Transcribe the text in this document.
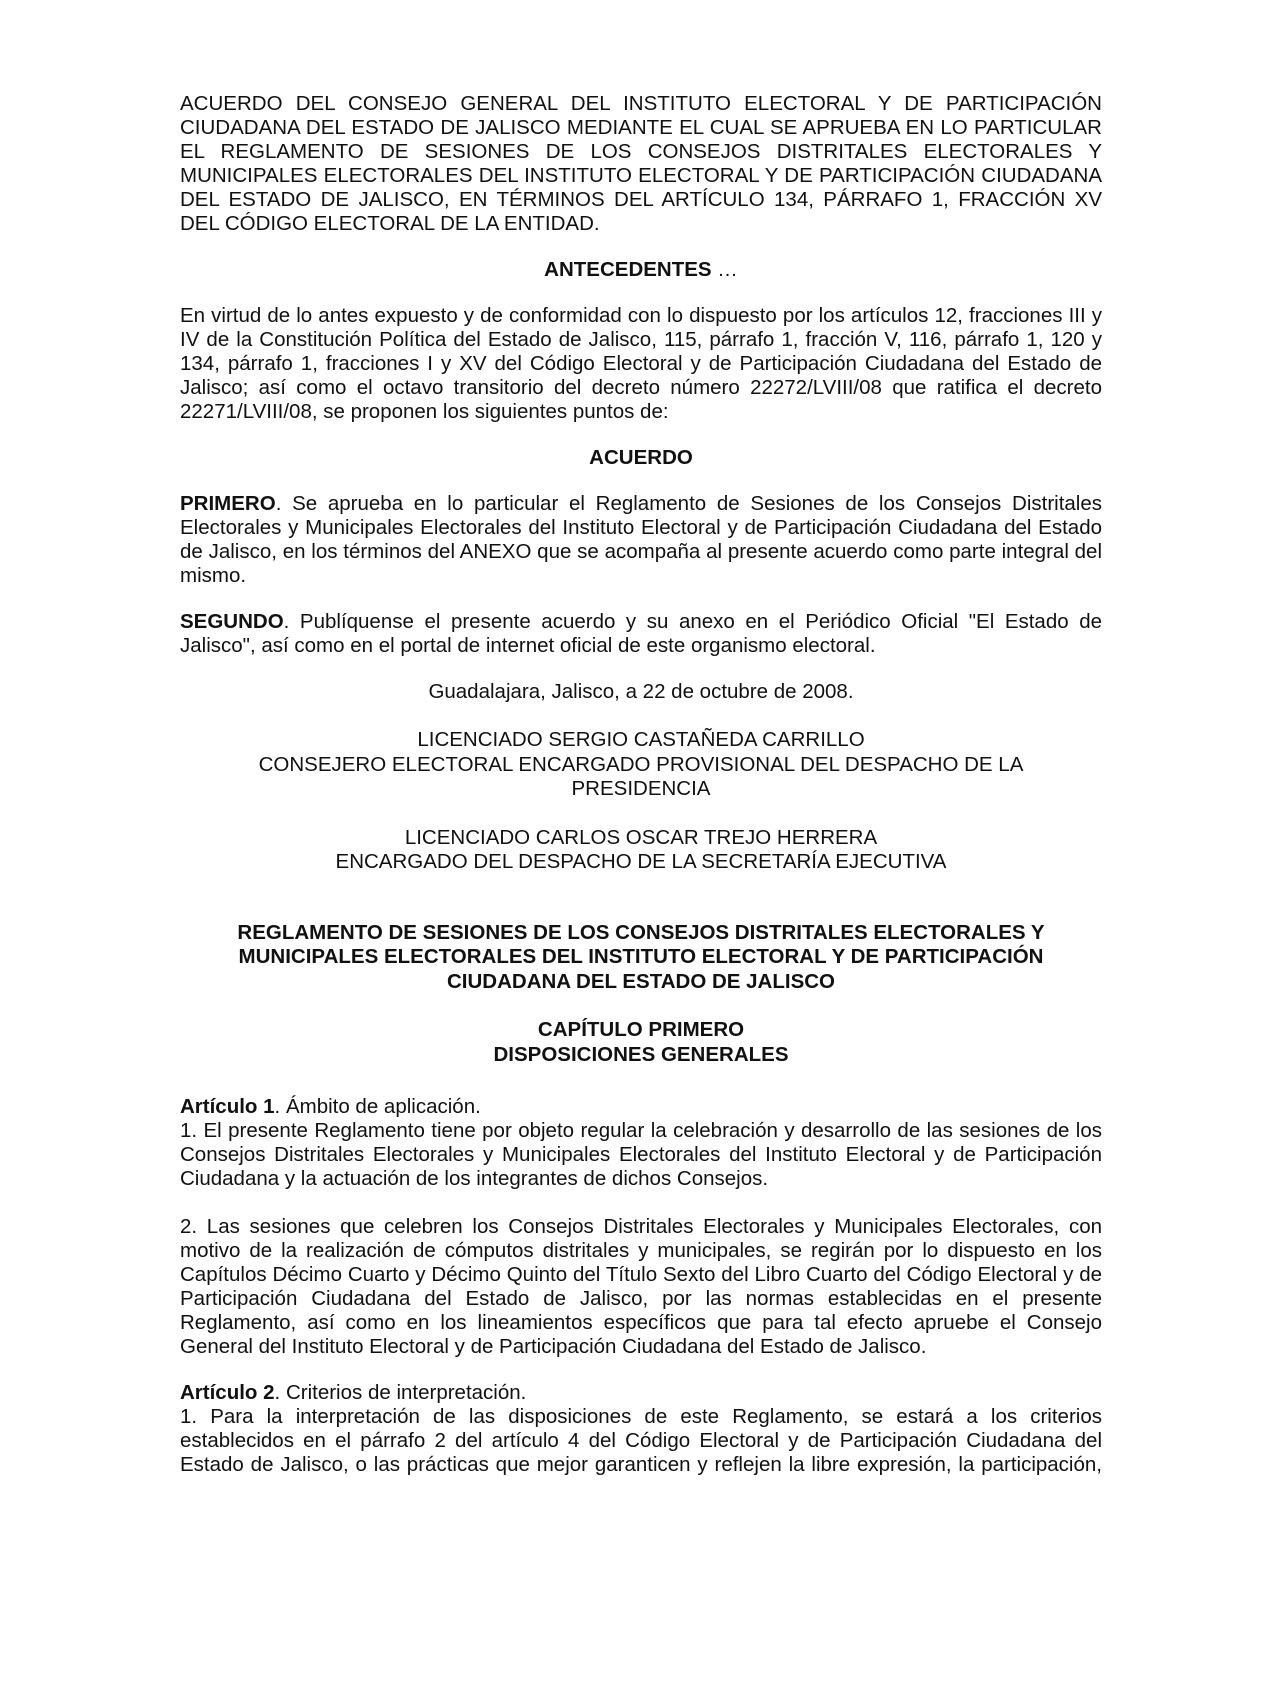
ACUERDO DEL CONSEJO GENERAL DEL INSTITUTO ELECTORAL Y DE PARTICIPACIÓN CIUDADANA DEL ESTADO DE JALISCO MEDIANTE EL CUAL SE APRUEBA EN LO PARTICULAR EL REGLAMENTO DE SESIONES DE LOS CONSEJOS DISTRITALES ELECTORALES Y MUNICIPALES ELECTORALES DEL INSTITUTO ELECTORAL Y DE PARTICIPACIÓN CIUDADANA DEL ESTADO DE JALISCO, EN TÉRMINOS DEL ARTÍCULO 134, PÁRRAFO 1, FRACCIÓN XV DEL CÓDIGO ELECTORAL DE LA ENTIDAD.

ANTECEDENTES …

En virtud de lo antes expuesto y de conformidad con lo dispuesto por los artículos 12, fracciones III y IV de la Constitución Política del Estado de Jalisco, 115, párrafo 1, fracción V, 116, párrafo 1, 120 y 134, párrafo 1, fracciones I y XV del Código Electoral y de Participación Ciudadana del Estado de Jalisco; así como el octavo transitorio del decreto número 22272/LVIII/08 que ratifica el decreto 22271/LVIII/08, se proponen los siguientes puntos de:

ACUERDO

PRIMERO. Se aprueba en lo particular el Reglamento de Sesiones de los Consejos Distritales Electorales y Municipales Electorales del Instituto Electoral y de Participación Ciudadana del Estado de Jalisco, en los términos del ANEXO que se acompaña al presente acuerdo como parte integral del mismo.

SEGUNDO. Publíquense el presente acuerdo y su anexo en el Periódico Oficial "El Estado de Jalisco", así como en el portal de internet oficial de este organismo electoral.

Guadalajara, Jalisco, a 22 de octubre de 2008.

LICENCIADO SERGIO CASTAÑEDA CARRILLO
CONSEJERO ELECTORAL ENCARGADO PROVISIONAL DEL DESPACHO DE LA
PRESIDENCIA
LICENCIADO CARLOS OSCAR TREJO HERRERA
ENCARGADO DEL DESPACHO DE LA SECRETARÍA EJECUTIVA
REGLAMENTO DE SESIONES DE LOS CONSEJOS DISTRITALES ELECTORALES Y
MUNICIPALES ELECTORALES DEL INSTITUTO ELECTORAL Y DE PARTICIPACIÓN
CIUDADANA DEL ESTADO DE JALISCO
CAPÍTULO PRIMERO
DISPOSICIONES GENERALES
Artículo 1. Ámbito de aplicación.

1. El presente Reglamento tiene por objeto regular la celebración y desarrollo de las sesiones de los Consejos Distritales Electorales y Municipales Electorales del Instituto Electoral y de Participación Ciudadana y la actuación de los integrantes de dichos Consejos.

2. Las sesiones que celebren los Consejos Distritales Electorales y Municipales Electorales, con motivo de la realización de cómputos distritales y municipales, se regirán por lo dispuesto en los Capítulos Décimo Cuarto y Décimo Quinto del Título Sexto del Libro Cuarto del Código Electoral y de Participación Ciudadana del Estado de Jalisco, por las normas establecidas en el presente Reglamento, así como en los lineamientos específicos que para tal efecto apruebe el Consejo General del Instituto Electoral y de Participación Ciudadana del Estado de Jalisco.

Artículo 2. Criterios de interpretación.

1. Para la interpretación de las disposiciones de este Reglamento, se estará a los criterios establecidos en el párrafo 2 del artículo 4 del Código Electoral y de Participación Ciudadana del Estado de Jalisco, o las prácticas que mejor garanticen y reflejen la libre expresión, la participación,
